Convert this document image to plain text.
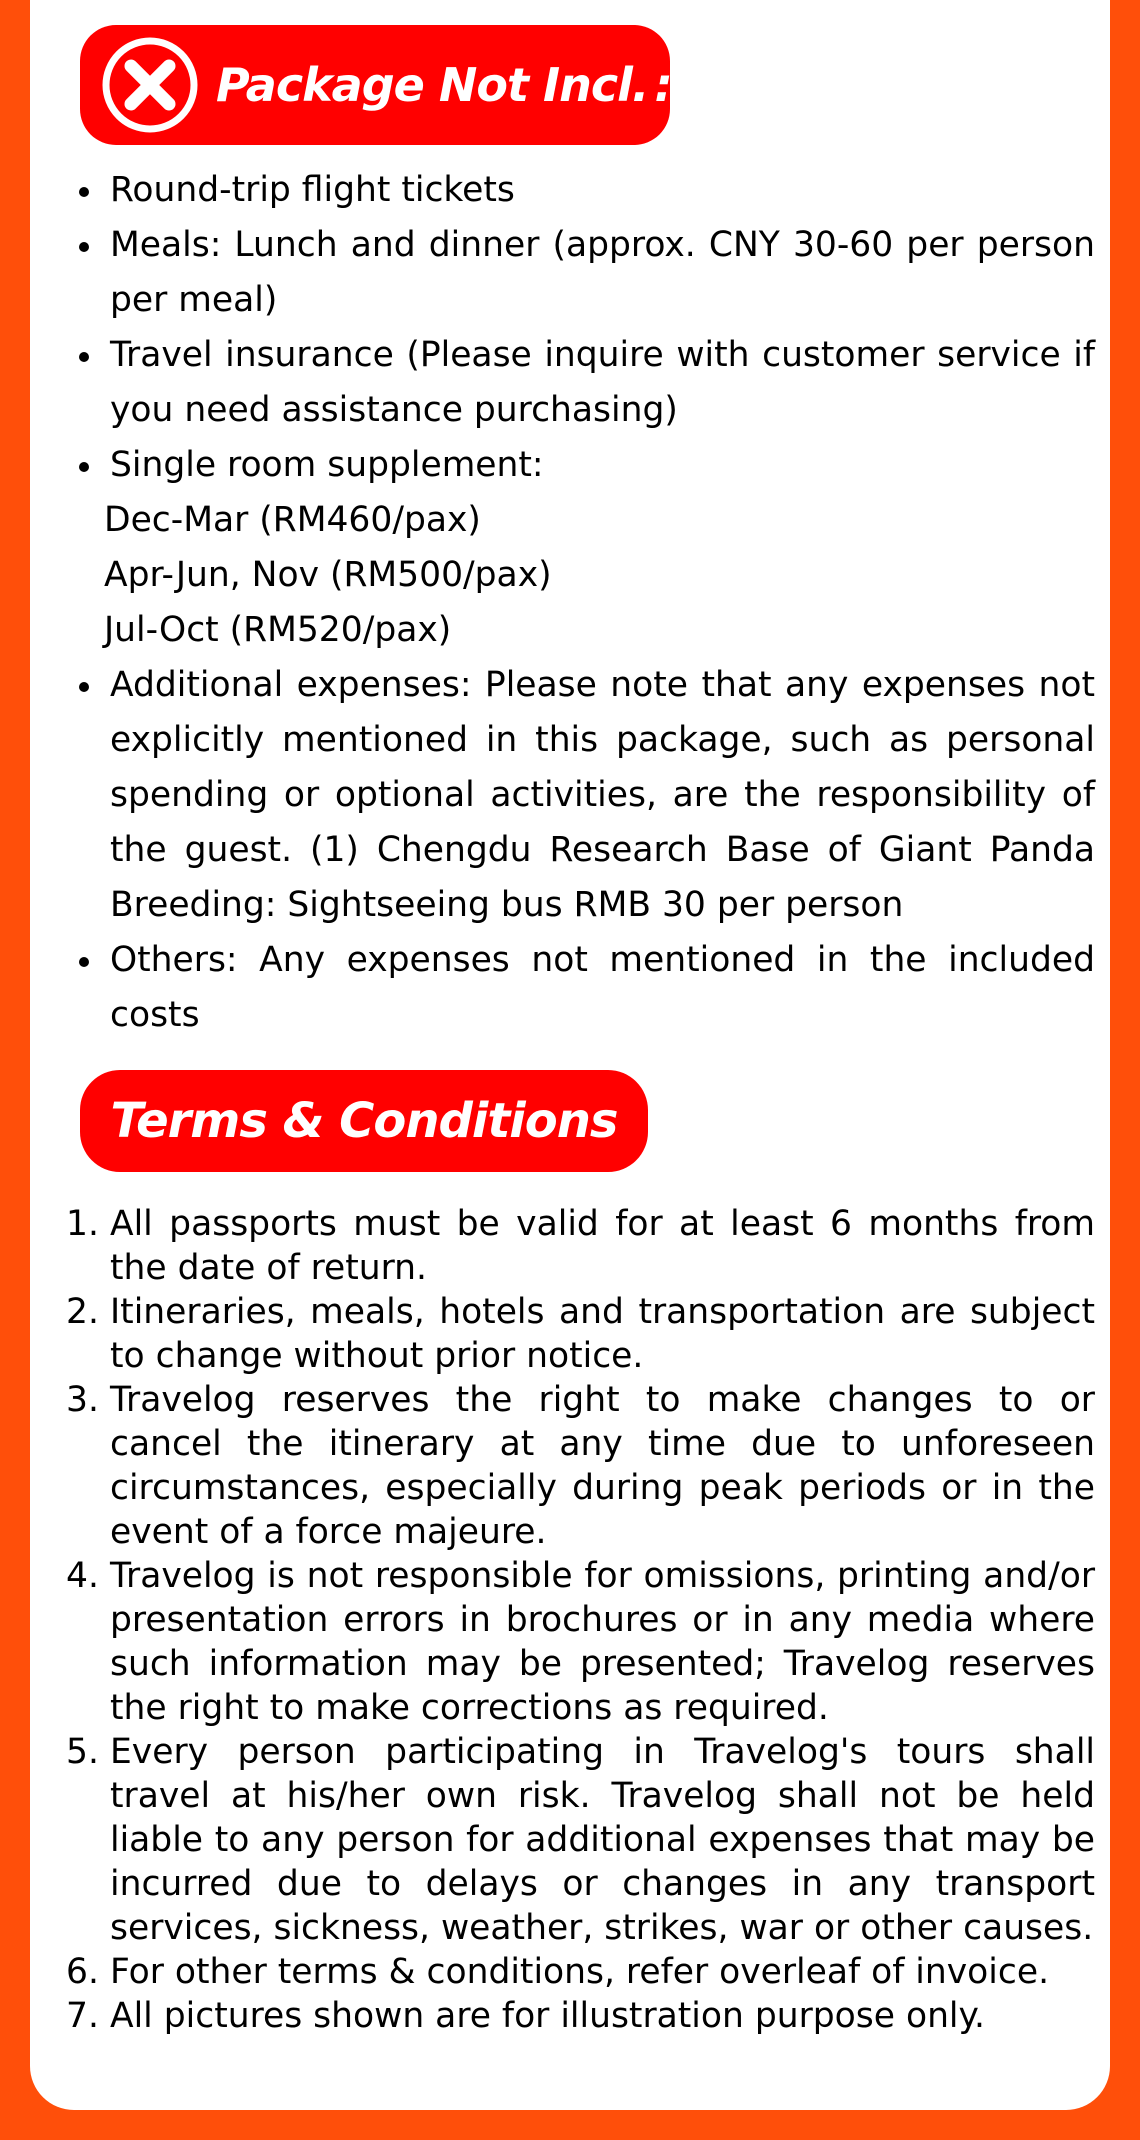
Package Not Incl. :
Round-trip flight tickets
Meals: Lunch and dinner (approx. CNY 30-60 per person per meal)
Travel insurance (Please inquire with customer service if you need assistance purchasing)
Single room supplement:
Dec-Mar (RM460/pax)
Apr-Jun, Nov (RM500/pax)
Jul-Oct (RM520/pax)
Additional expenses: Please note that any expenses not explicitly mentioned in this package, such as personal spending or optional activities, are the responsibility of the guest. (1) Chengdu Research Base of Giant Panda Breeding: Sightseeing bus RMB 30 per person
Others: Any expenses not mentioned in the included costs
Terms & Conditions
1. All passports must be valid for at least 6 months from the date of return.
2. Itineraries, meals, hotels and transportation are subject to change without prior notice.
3. Travelog reserves the right to make changes to or cancel the itinerary at any time due to unforeseen circumstances, especially during peak periods or in the event of a force majeure.
4. Travelog is not responsible for omissions, printing and/or presentation errors in brochures or in any media where such information may be presented; Travelog reserves the right to make corrections as required.
5. Every person participating in Travelog's tours shall travel at his/her own risk. Travelog shall not be held liable to any person for additional expenses that may be incurred due to delays or changes in any transport services, sickness, weather, strikes, war or other causes.
6. For other terms & conditions, refer overleaf of invoice.
7. All pictures shown are for illustration purpose only.
